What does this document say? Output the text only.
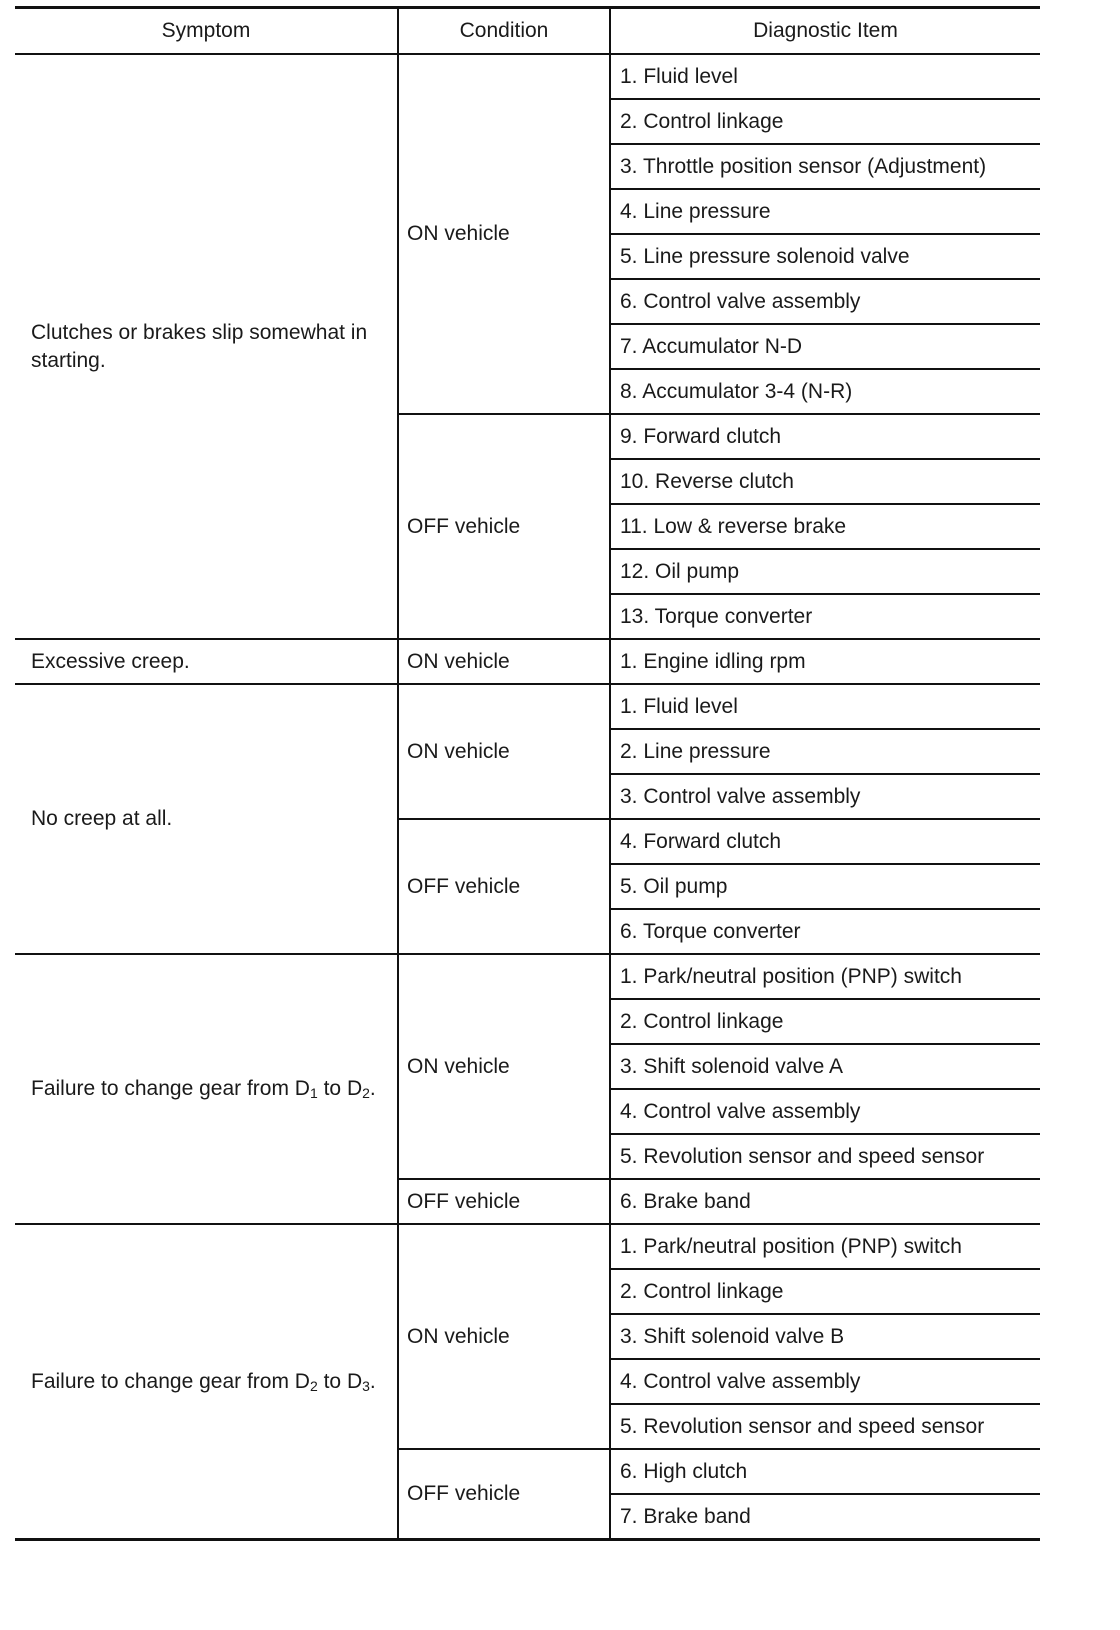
Symptom	Condition	Diagnostic Item
Clutches or brakes slip somewhat in starting.	ON vehicle	1. Fluid level
		2. Control linkage
		3. Throttle position sensor (Adjustment)
		4. Line pressure
		5. Line pressure solenoid valve
		6. Control valve assembly
		7. Accumulator N-D
		8. Accumulator 3-4 (N-R)
	OFF vehicle	9. Forward clutch
		10. Reverse clutch
		11. Low & reverse brake
		12. Oil pump
		13. Torque converter
Excessive creep.	ON vehicle	1. Engine idling rpm
No creep at all.	ON vehicle	1. Fluid level
		2. Line pressure
		3. Control valve assembly
	OFF vehicle	4. Forward clutch
		5. Oil pump
		6. Torque converter
Failure to change gear from $D_1$ to $D_2$.	ON vehicle	1. Park/neutral position (PNP) switch
		2. Control linkage
		3. Shift solenoid valve A
		4. Control valve assembly
		5. Revolution sensor and speed sensor
	OFF vehicle	6. Brake band
Failure to change gear from $D_2$ to $D_3$.	ON vehicle	1. Park/neutral position (PNP) switch
		2. Control linkage
		3. Shift solenoid valve B
		4. Control valve assembly
		5. Revolution sensor and speed sensor
	OFF vehicle	6. High clutch
		7. Brake band
